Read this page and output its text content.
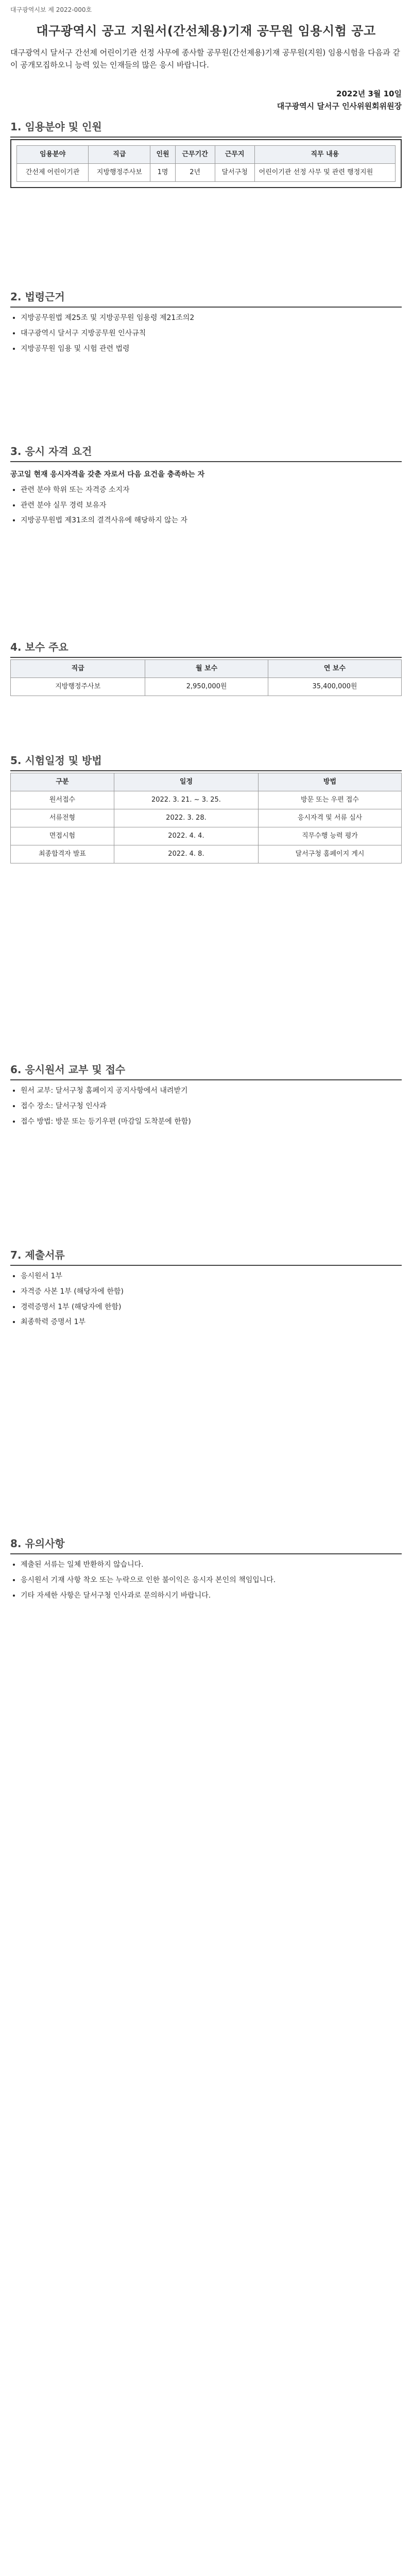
대구광역시보 제 2022-000호
대구광역시 공고 지원서(간선체용)기재 공무원 임용시험 공고
대구광역시 달서구 간선제 어린이기관 선정 사무에 종사할 공무원(간선제용)기재 공무원(지원) 임용시험을 다음과 같이 공개모집하오니 능력 있는 인재들의 많은 응시 바랍니다.
2022년 3월 10일
대구광역시 달서구 인사위원회위원장
1. 임용분야 및 인원
임용분야	직급	인원	근무기간	근무지	직무 내용
간선제 어린이기관	지방행정주사보	1명	2년	달서구청	어린이기관 선정 사무 및 관련 행정지원
2. 법령근거
• 지방공무원법 제25조 및 지방공무원 임용령 제21조의2
• 대구광역시 달서구 지방공무원 인사규칙
• 지방공무원 임용 및 시험 관련 법령
3. 응시 자격 요건
공고일 현재 응시자격을 갖춘 자로서 다음 요건을 충족하는 자
• 관련 분야 학위 또는 자격증 소지자
• 관련 분야 실무 경력 보유자
• 지방공무원법 제31조의 결격사유에 해당하지 않는 자
4. 보수 주요
직급	월 보수	연 보수
지방행정주사보	2,950,000원	35,400,000원
5. 시험일정 및 방법
구분	일정	방법
원서접수	2022. 3. 21. ~ 3. 25.	방문 또는 우편 접수
서류전형	2022. 3. 28.	응시자격 및 서류 심사
면접시험	2022. 4. 4.	직무수행 능력 평가
최종합격자 발표	2022. 4. 8.	달서구청 홈페이지 게시
6. 응시원서 교부 및 접수
• 원서 교부: 달서구청 홈페이지 공지사항에서 내려받기
• 접수 장소: 달서구청 인사과
• 접수 방법: 방문 또는 등기우편 (마감일 도착분에 한함)
7. 제출서류
• 응시원서 1부
• 자격증 사본 1부 (해당자에 한함)
• 경력증명서 1부 (해당자에 한함)
• 최종학력 증명서 1부
8. 유의사항
• 제출된 서류는 일체 반환하지 않습니다.
• 응시원서 기재 사항 착오 또는 누락으로 인한 불이익은 응시자 본인의 책임입니다.
• 기타 자세한 사항은 달서구청 인사과로 문의하시기 바랍니다.
